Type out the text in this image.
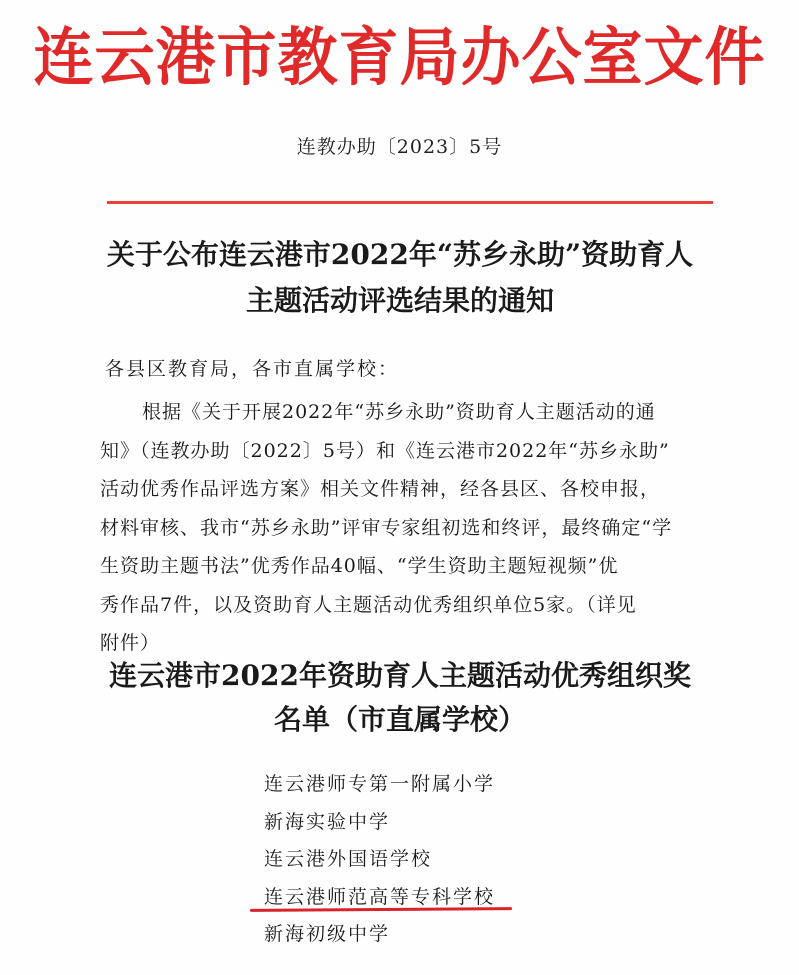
连云港市教育局办公室文件
连教办助〔2023〕5号
关于公布连云港市2022年“苏乡永助”资助育人
主题活动评选结果的通知
各县区教育局，各市直属学校：
根据《关于开展2022年“苏乡永助”资助育人主题活动的通
知》（连教办助〔2022〕5号）和《连云港市2022年“苏乡永助”
活动优秀作品评选方案》相关文件精神，经各县区、各校申报，
材料审核、我市“苏乡永助”评审专家组初选和终评，最终确定“学
生资助主题书法”优秀作品40幅、“学生资助主题短视频”优
秀作品7件，以及资助育人主题活动优秀组织单位5家。（详见
附件）
连云港市2022年资助育人主题活动优秀组织奖
名单（市直属学校）
连云港师专第一附属小学
新海实验中学
连云港外国语学校
连云港师范高等专科学校
新海初级中学
